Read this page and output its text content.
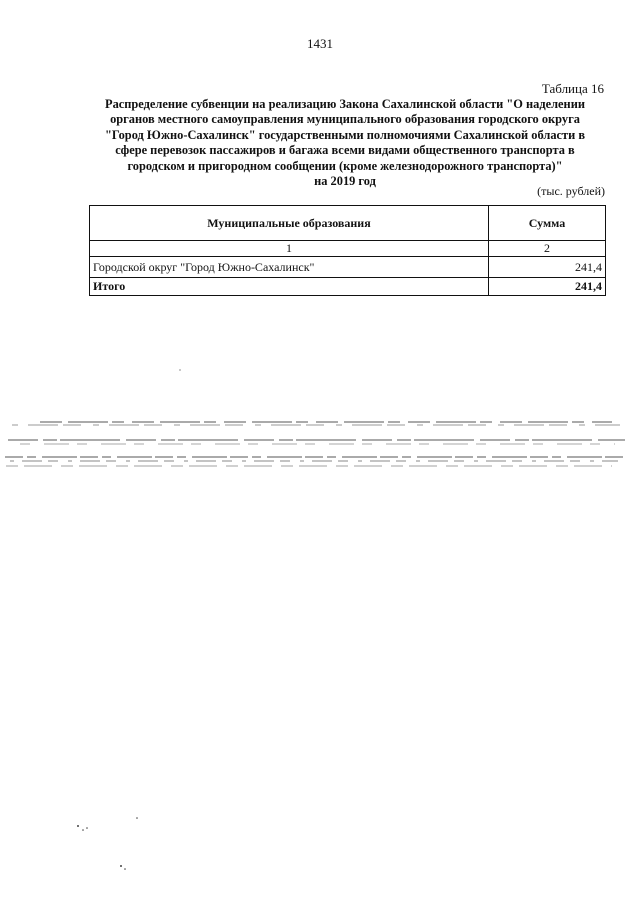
1431
Таблица 16
Распределение субвенции на реализацию Закона Сахалинской области "О наделении
органов местного самоуправления муниципального образования городского округа
"Город Южно-Сахалинск" государственными полномочиями Сахалинской области в
сфере перевозок пассажиров и багажа всеми видами общественного транспорта в
городском и пригородном сообщении (кроме железнодорожного транспорта)"
на 2019 год
(тыс. рублей)
Муниципальные образования	Сумма
1	2
Городской округ "Город Южно-Сахалинск"	241,4
Итого	241,4
